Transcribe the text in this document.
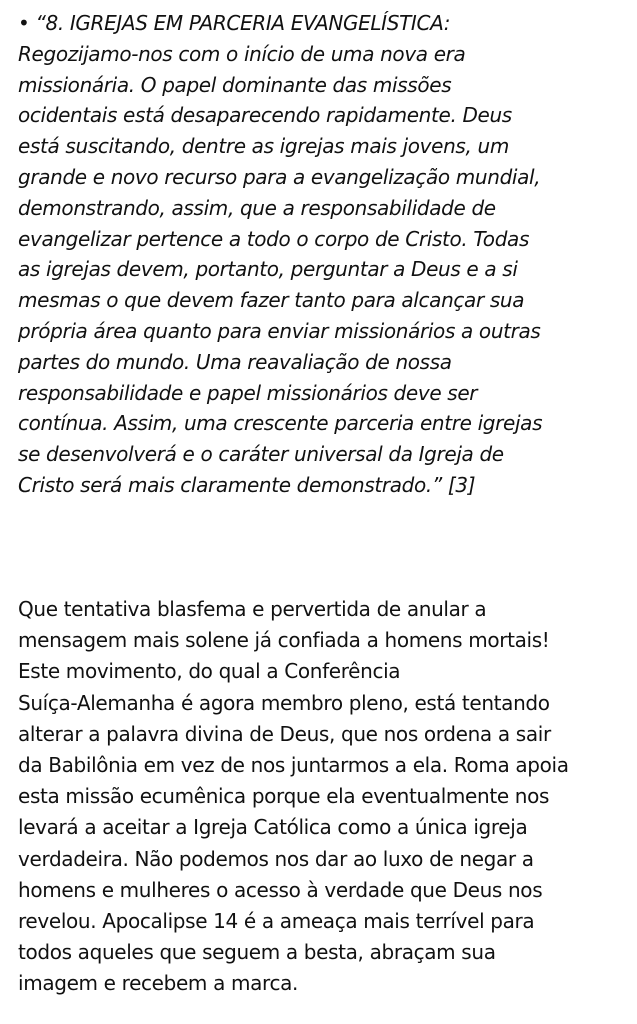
• “8. IGREJAS EM PARCERIA EVANGELÍSTICA:
Regozijamo-nos com o início de uma nova era
missionária. O papel dominante das missões
ocidentais está desaparecendo rapidamente. Deus
está suscitando, dentre as igrejas mais jovens, um
grande e novo recurso para a evangelização mundial,
demonstrando, assim, que a responsabilidade de
evangelizar pertence a todo o corpo de Cristo. Todas
as igrejas devem, portanto, perguntar a Deus e a si
mesmas o que devem fazer tanto para alcançar sua
própria área quanto para enviar missionários a outras
partes do mundo. Uma reavaliação de nossa
responsabilidade e papel missionários deve ser
contínua. Assim, uma crescente parceria entre igrejas
se desenvolverá e o caráter universal da Igreja de
Cristo será mais claramente demonstrado.” [3]

Que tentativa blasfema e pervertida de anular a
mensagem mais solene já confiada a homens mortais!
Este movimento, do qual a Conferência
Suíça-Alemanha é agora membro pleno, está tentando
alterar a palavra divina de Deus, que nos ordena a sair
da Babilônia em vez de nos juntarmos a ela. Roma apoia
esta missão ecumênica porque ela eventualmente nos
levará a aceitar a Igreja Católica como a única igreja
verdadeira. Não podemos nos dar ao luxo de negar a
homens e mulheres o acesso à verdade que Deus nos
revelou. Apocalipse 14 é a ameaça mais terrível para
todos aqueles que seguem a besta, abraçam sua
imagem e recebem a marca.
